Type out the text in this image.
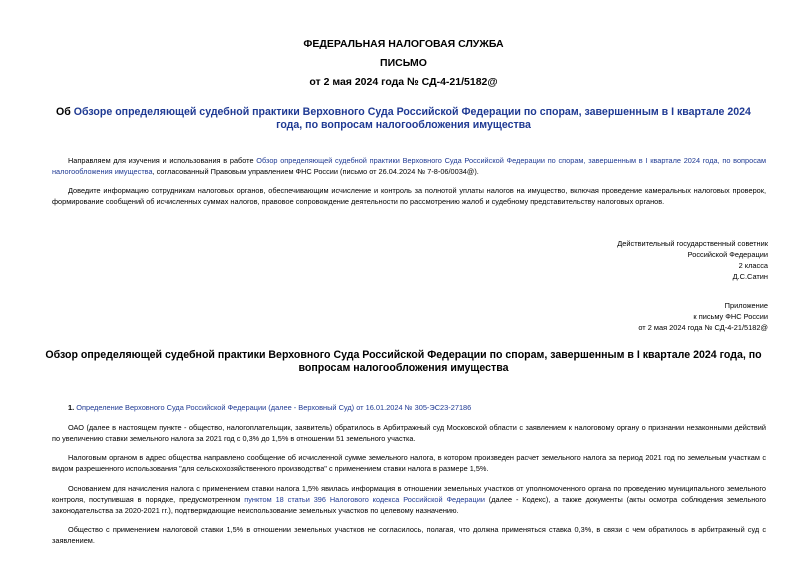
ФЕДЕРАЛЬНАЯ НАЛОГОВАЯ СЛУЖБА
ПИСЬМО
от 2 мая 2024 года № СД-4-21/5182@
Об Обзоре определяющей судебной практики Верховного Суда Российской Федерации по спорам, завершенным в I квартале 2024 года, по вопросам налогообложения имущества
Направляем для изучения и использования в работе Обзор определяющей судебной практики Верховного Суда Российской Федерации по спорам, завершенным в I квартале 2024 года, по вопросам налогообложения имущества, согласованный Правовым управлением ФНС России (письмо от 26.04.2024 № 7-8-06/0034@).
Доведите информацию сотрудникам налоговых органов, обеспечивающим исчисление и контроль за полнотой уплаты налогов на имущество, включая проведение камеральных налоговых проверок, формирование сообщений об исчисленных суммах налогов, правовое сопровождение деятельности по рассмотрению жалоб и судебному представительству налоговых органов.
Действительный государственный советник
Российской Федерации
2 класса
Д.С.Сатин
Приложение
к письму ФНС России
от 2 мая 2024 года № СД-4-21/5182@
Обзор определяющей судебной практики Верховного Суда Российской Федерации по спорам, завершенным в I квартале 2024 года, по вопросам налогообложения имущества
1. Определение Верховного Суда Российской Федерации (далее - Верховный Суд) от 16.01.2024 № 305-ЭС23-27186
ОАО (далее в настоящем пункте - общество, налогоплательщик, заявитель) обратилось в Арбитражный суд Московской области с заявлением к налоговому органу о признании незаконными действий по увеличению ставки земельного налога за 2021 год с 0,3% до 1,5% в отношении 51 земельного участка.
Налоговым органом в адрес общества направлено сообщение об исчисленной сумме земельного налога, в котором произведен расчет земельного налога за период 2021 год по земельным участкам с видом разрешенного использования "для сельскохозяйственного производства" с применением ставки налога в размере 1,5%.
Основанием для начисления налога с применением ставки налога 1,5% явилась информация в отношении земельных участков от уполномоченного органа по проведению муниципального земельного контроля, поступившая в порядке, предусмотренном пунктом 18 статьи 396 Налогового кодекса Российской Федерации (далее - Кодекс), а также документы (акты осмотра соблюдения земельного законодательства за 2020-2021 гг.), подтверждающие неиспользование земельных участков по целевому назначению.
Общество с применением налоговой ставки 1,5% в отношении земельных участков не согласилось, полагая, что должна применяться ставка 0,3%, в связи с чем обратилось в арбитражный суд с заявлением.
